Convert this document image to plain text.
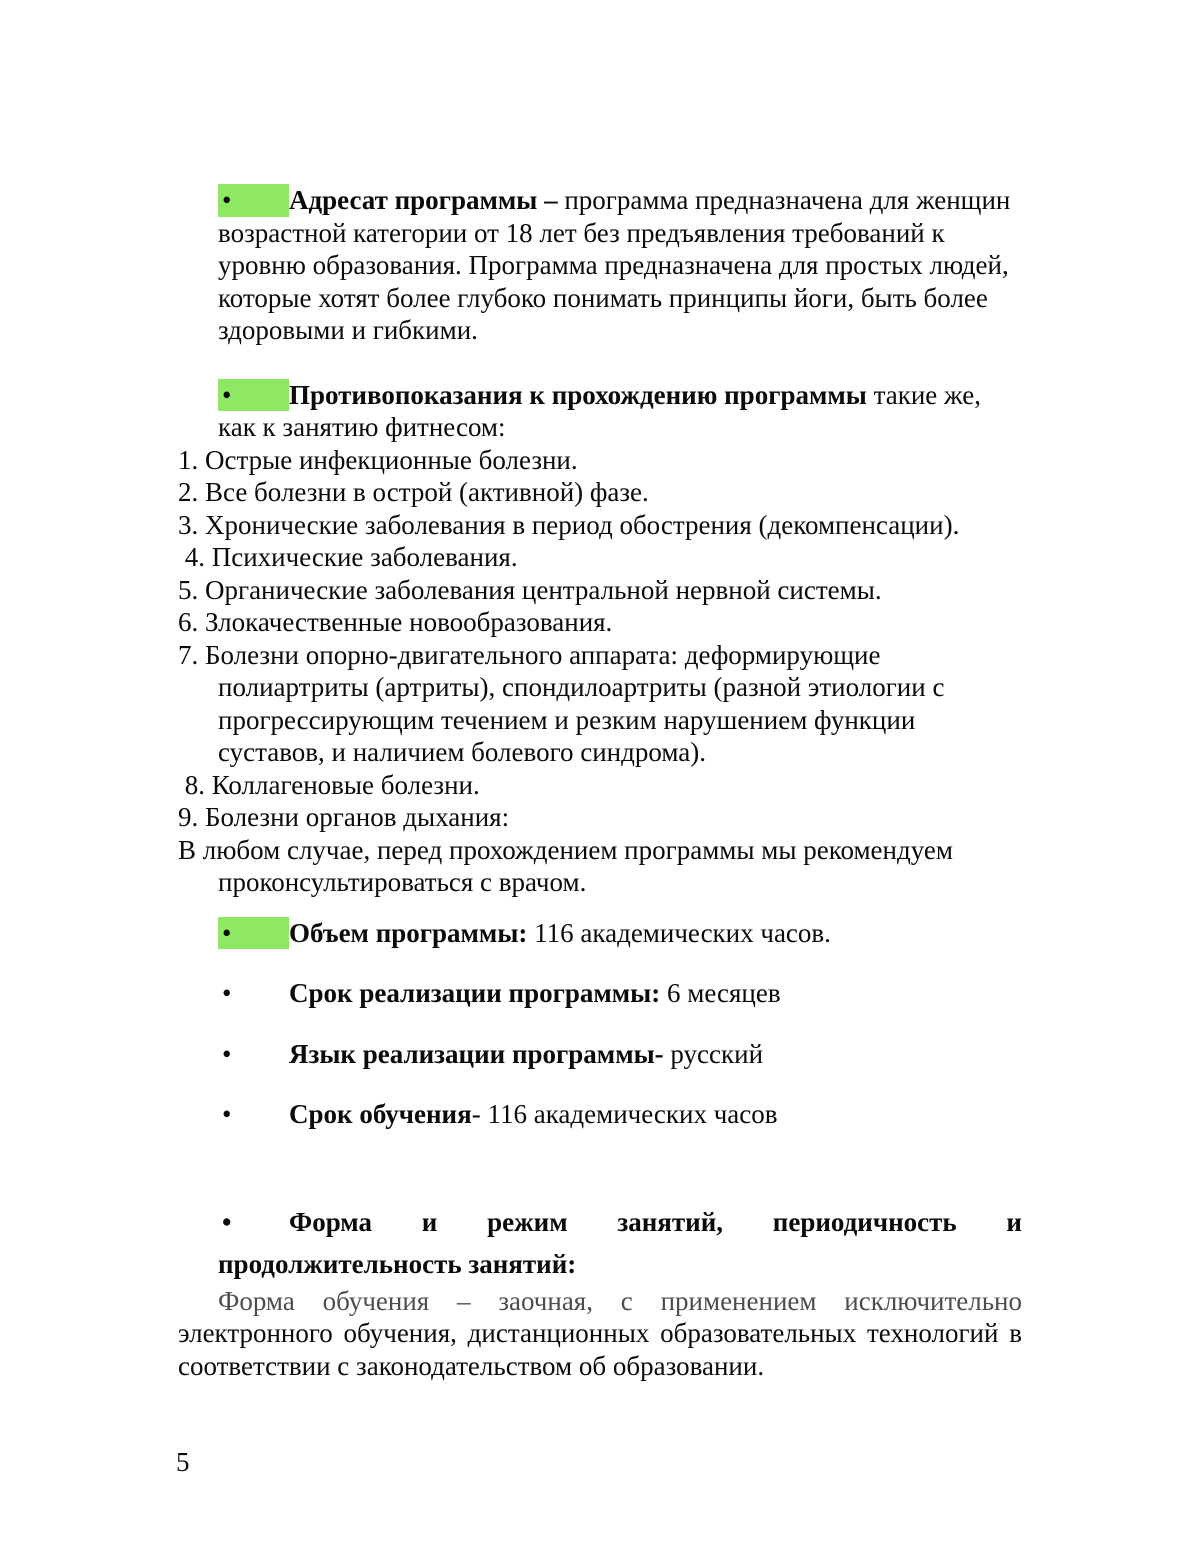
• Адресат программы – программа предназначена для женщин возрастной категории от 18 лет без предъявления требований к уровню образования. Программа предназначена для простых людей, которые хотят более глубоко понимать принципы йоги, быть более здоровыми и гибкими.

• Противопоказания к прохождению программы такие же, как к занятию фитнесом:

1. Острые инфекционные болезни.

2. Все болезни в острой (активной) фазе.

3. Хронические заболевания в период обострения (декомпенсации).

4. Психические заболевания.

5. Органические заболевания центральной нервной системы.

6. Злокачественные новообразования.

7. Болезни опорно-двигательного аппарата: деформирующие полиартриты (артриты), спондилоартриты (разной этиологии с прогрессирующим течением и резким нарушением функции суставов, и наличием болевого синдрома).

8. Коллагеновые болезни.

9. Болезни органов дыхания:

В любом случае, перед прохождением программы мы рекомендуем проконсультироваться с врачом.

• Объем программы: 116 академических часов.

• Срок реализации программы: 6 месяцев

• Язык реализации программы- русский

• Срок обучения- 116 академических часов

• Форма и режим занятий, периодичность и продолжительность занятий:

Форма обучения – заочная, с применением исключительно электронного обучения, дистанционных образовательных технологий в соответствии с законодательством об образовании.

5
